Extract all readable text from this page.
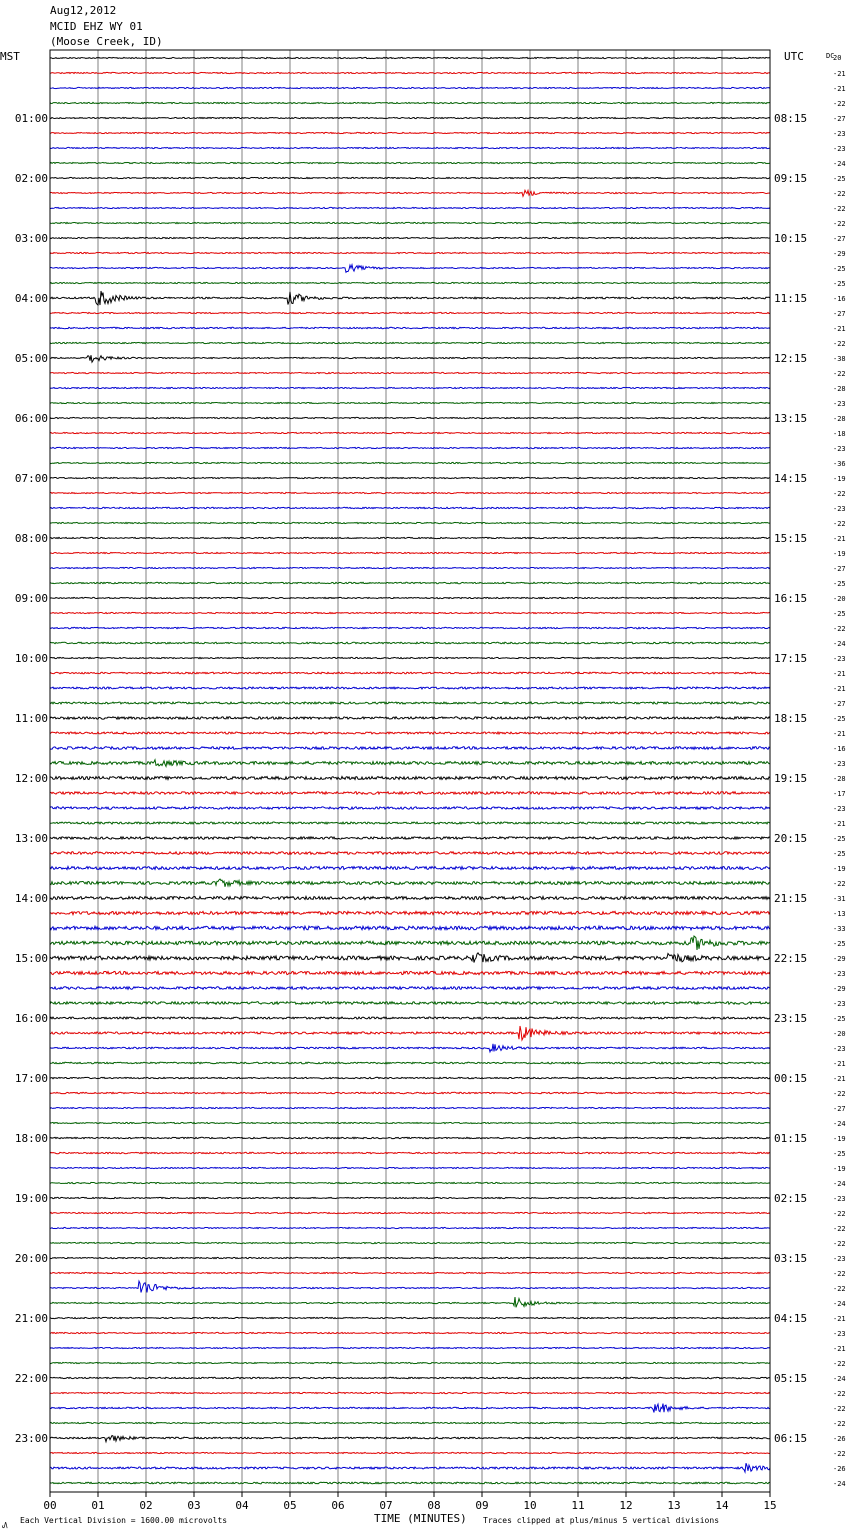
Aug12,2012
MCID EHZ WY 01
(Moose Creek, ID)
MST	UTC
00	01	02	03	04	05	06	07	08	09	10	11	12	13	14	15
20
-21
-21
-22
-27
-23
-23
-24
-25
-22
-22
-22
-27
-29
-25
-25
-16
-27
-21
-22
-38
-22
-28
-23
-28
-18
-23
-36
-19
-22
-23
-22
-21
-19
-27
-25
-20
-25
-22
-24
-23
-21
-21
-27
-25
-21
-16
-23
-28
-17
-23
-21
-25
-25
-19
-22
-31
-13
-33
-25
-29
-23
-29
-23
-25
-20
-23
-21
-21
-22
-27
-24
-19
-25
-19
-24
-23
-22
-22
-22
-23
-22
-22
-24
-21
-23
-21
-22
-24
-22
-22
-22
-26
-22
-26
-24
01:00
02:00
03:00
04:00
05:00
06:00
07:00
08:00
09:00
10:00
11:00
12:00
13:00
14:00
15:00
16:00
17:00
18:00
19:00
20:00
21:00
22:00
23:00
08:15
09:15
10:15
11:15
12:15
13:15
14:15
15:15
16:15
17:15
18:15
19:15
20:15
21:15
22:15
23:15
00:15
01:15
02:15
03:15
04:15
05:15
06:15
DC
᠕
Each Vertical Division = 1600.00 microvolts	TIME (MINUTES) Traces clipped at plus/minus 5 vertical divisions
